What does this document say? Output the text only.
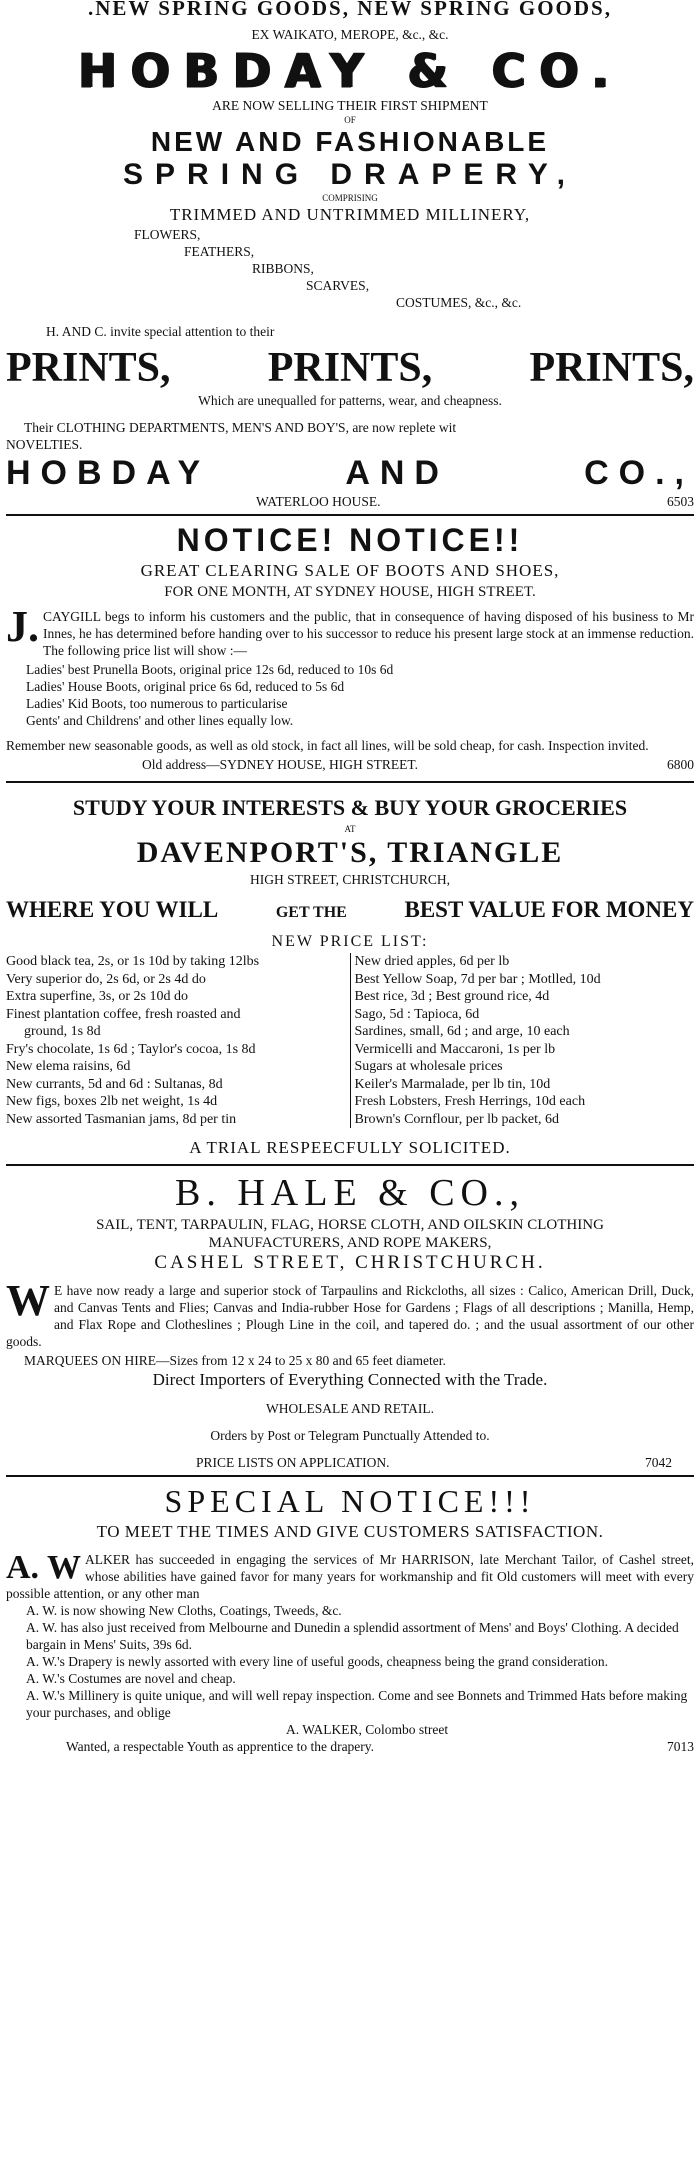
.NEW SPRING GOODS, NEW SPRING GOODS,

EX WAIKATO, MEROPE, &c., &c.

HOBDAY & CO.

ARE NOW SELLING THEIR FIRST SHIPMENT

OF

NEW AND FASHIONABLE

SPRING DRAPERY,

COMPRISING

TRIMMED AND UNTRIMMED MILLINERY,

FLOWERS,

FEATHERS,

RIBBONS,

SCARVES,

COSTUMES, &c., &c.

H. AND C. invite special attention to their

PRINTS, PRINTS, PRINTS,

Which are unequalled for patterns, wear, and cheapness.

Their CLOTHING DEPARTMENTS, MEN'S AND BOY'S, are now replete wit

NOVELTIES.

HOBDAY	AND	CO.,
WATERLOO HOUSE.	6503

NOTICE! NOTICE!!

GREAT CLEARING SALE OF BOOTS AND SHOES,

FOR ONE MONTH, AT SYDNEY HOUSE, HIGH STREET.

J. CAYGILL begs to inform his customers and the public, that in consequence of having disposed of his business to Mr Innes, he has determined before handing over to his successor to reduce his present large stock at an immense reduction. The following price list will show :—

Ladies' best Prunella Boots, original price 12s 6d, reduced to 10s 6d

Ladies' House Boots, original price 6s 6d, reduced to 5s 6d

Ladies' Kid Boots, too numerous to particularise

Gents' and Childrens' and other lines equally low.

Remember new seasonable goods, as well as old stock, in fact all lines, will be sold cheap, for cash. Inspection invited.

Old address—SYDNEY HOUSE, HIGH STREET.	6800

STUDY YOUR INTERESTS & BUY YOUR GROCERIES

AT

DAVENPORT'S, TRIANGLE

HIGH STREET, CHRISTCHURCH,

WHERE YOU WILL	GET THE	BEST VALUE FOR MONEY

NEW PRICE LIST:

Good black tea, 2s, or 1s 10d by taking 12lbs

Very superior do, 2s 6d, or 2s 4d do

Extra superfine, 3s, or 2s 10d do

Finest plantation coffee, fresh roasted and

ground, 1s 8d

Fry's chocolate, 1s 6d ; Taylor's cocoa, 1s 8d

New elema raisins, 6d

New currants, 5d and 6d : Sultanas, 8d

New figs, boxes 2lb net weight, 1s 4d

New assorted Tasmanian jams, 8d per tin

New dried apples, 6d per lb

Best Yellow Soap, 7d per bar ; Motlled, 10d

Best rice, 3d ; Best ground rice, 4d

Sago, 5d : Tapioca, 6d

Sardines, small, 6d ; and arge, 10 each

Vermicelli and Maccaroni, 1s per lb

Sugars at wholesale prices

Keiler's Marmalade, per lb tin, 10d

Fresh Lobsters, Fresh Herrings, 10d each

Brown's Cornflour, per lb packet, 6d

A TRIAL RESPEECFULLY SOLICITED.

B. HALE & CO.,

SAIL, TENT, TARPAULIN, FLAG, HORSE CLOTH, AND OILSKIN CLOTHING

MANUFACTURERS, AND ROPE MAKERS,

CASHEL STREET, CHRISTCHURCH.

W E have now ready a large and superior stock of Tarpaulins and Rickcloths, all sizes : Calico, American Drill, Duck, and Canvas Tents and Flies; Canvas and India-rubber Hose for Gardens ; Flags of all descriptions ; Manilla, Hemp, and Flax Rope and Clotheslines ; Plough Line in the coil, and tapered do. ; and the usual assortment of our other goods.

MARQUEES ON HIRE—Sizes from 12 x 24 to 25 x 80 and 65 feet diameter.

Direct Importers of Everything Connected with the Trade.

WHOLESALE AND RETAIL.

Orders by Post or Telegram Punctually Attended to.

PRICE LISTS ON APPLICATION.	7042

SPECIAL NOTICE!!!

TO MEET THE TIMES AND GIVE CUSTOMERS SATISFACTION.

A. W ALKER has succeeded in engaging the services of Mr HARRISON, late Merchant Tailor, of Cashel street, whose abilities have gained favor for many years for workmanship and fit Old customers will meet with every possible attention, or any other man

A. W. is now showing New Cloths, Coatings, Tweeds, &c.

A. W. has also just received from Melbourne and Dunedin a splendid assortment of Mens' and Boys' Clothing. A decided bargain in Mens' Suits, 39s 6d.

A. W.'s Drapery is newly assorted with every line of useful goods, cheapness being the grand consideration.

A. W.'s Costumes are novel and cheap.

A. W.'s Millinery is quite unique, and will well repay inspection. Come and see Bonnets and Trimmed Hats before making your purchases, and oblige

A. WALKER, Colombo street

Wanted, a respectable Youth as apprentice to the drapery.	7013
